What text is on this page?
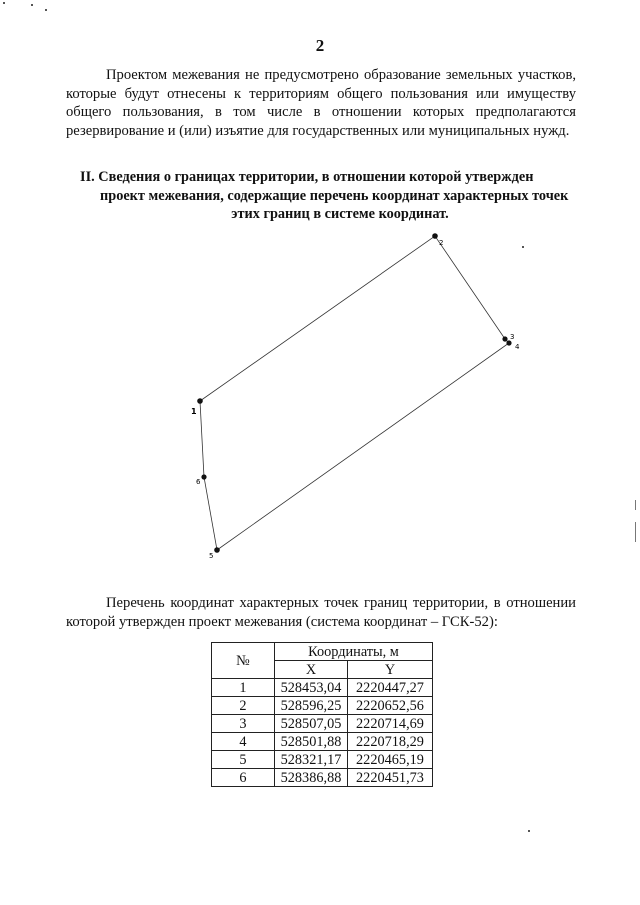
2

Проектом межевания не предусмотрено образование земельных участков, которые будут отнесены к территориям общего пользования или имуществу общего пользования, в том числе в отношении которых предполагаются резервирование и (или) изъятие для государственных или муниципальных нужд.

II. Сведения о границах территории, в отношении которой утвержден
проект межевания, содержащие перечень координат характерных точек
этих границ в системе координат.
1
2
3
4
5
6

Перечень координат характерных точек границ территории, в отношении которой утвержден проект межевания (система координат – ГСК-52):

№	Координаты, м	
	X	Y
1	528453,04	2220447,27
2	528596,25	2220652,56
3	528507,05	2220714,69
4	528501,88	2220718,29
5	528321,17	2220465,19
6	528386,88	2220451,73
